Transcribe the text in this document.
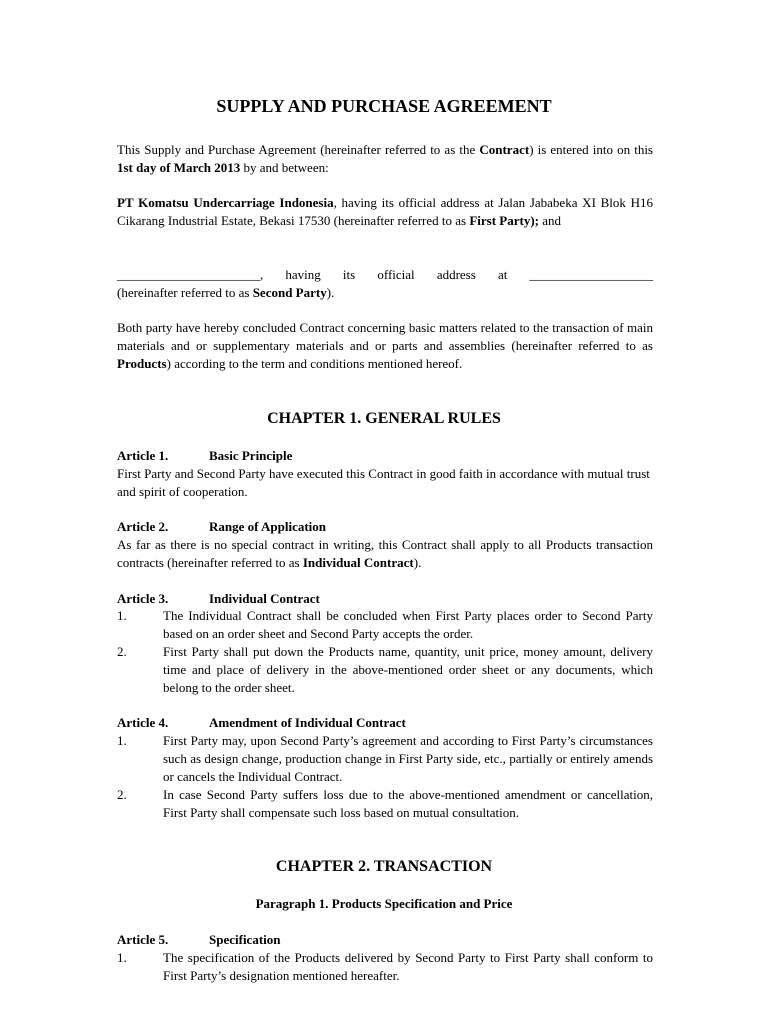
SUPPLY AND PURCHASE AGREEMENT
This Supply and Purchase Agreement (hereinafter referred to as the Contract) is entered into on this 1st day of March 2013 by and between:
PT Komatsu Undercarriage Indonesia, having its official address at Jalan Jababeka XI Blok H16 Cikarang Industrial Estate, Bekasi 17530 (hereinafter referred to as First Party); and
______________________, having its official address at ___________________
(hereinafter referred to as Second Party).
Both party have hereby concluded Contract concerning basic matters related to the transaction of main materials and or supplementary materials and or parts and assemblies (hereinafter referred to as Products) according to the term and conditions mentioned hereof.
CHAPTER 1. GENERAL RULES
Article 1.	Basic Principle
First Party and Second Party have executed this Contract in good faith in accordance with mutual trust and spirit of cooperation.
Article 2.	Range of Application
As far as there is no special contract in writing, this Contract shall apply to all Products transaction contracts (hereinafter referred to as Individual Contract).
Article 3.	Individual Contract
1.	The Individual Contract shall be concluded when First Party places order to Second Party based on an order sheet and Second Party accepts the order.
2.	First Party shall put down the Products name, quantity, unit price, money amount, delivery time and place of delivery in the above-mentioned order sheet or any documents, which belong to the order sheet.
Article 4.	Amendment of Individual Contract
1.	First Party may, upon Second Party’s agreement and according to First Party’s circumstances such as design change, production change in First Party side, etc., partially or entirely amends or cancels the Individual Contract.
2.	In case Second Party suffers loss due to the above-mentioned amendment or cancellation, First Party shall compensate such loss based on mutual consultation.
CHAPTER 2. TRANSACTION
Paragraph 1. Products Specification and Price
Article 5.	Specification
1.	The specification of the Products delivered by Second Party to First Party shall conform to First Party’s designation mentioned hereafter.
